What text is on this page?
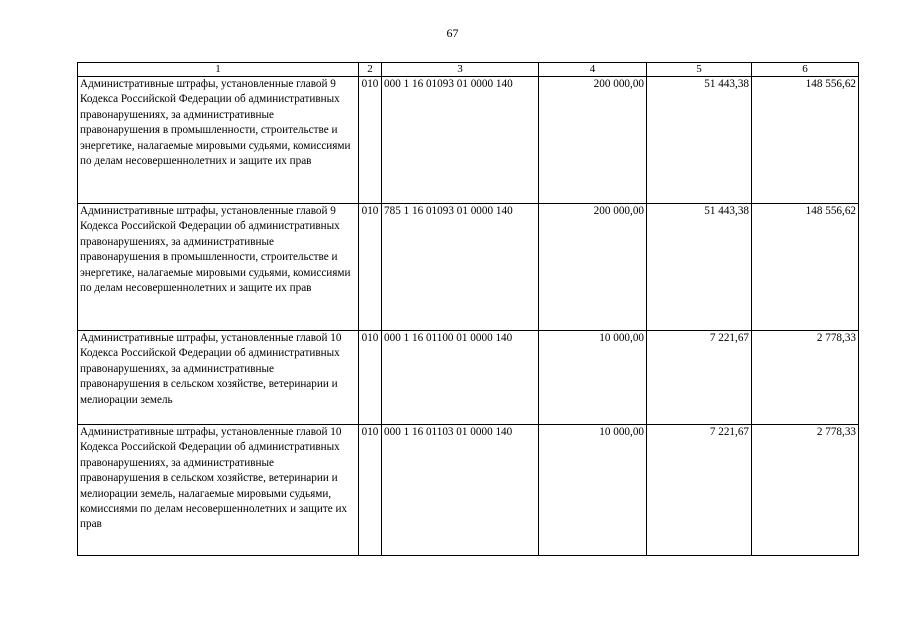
67
1	2	3	4	5	6
Административные штрафы, установленные главой 9 Кодекса Российской Федерации об административных правонарушениях, за административные правонарушения в промышленности, строительстве и энергетике, налагаемые мировыми судьями, комиссиями по делам несовершеннолетних и защите их прав	010	000 1 16 01093 01 0000 140	200 000,00	51 443,38	148 556,62
Административные штрафы, установленные главой 9 Кодекса Российской Федерации об административных правонарушениях, за административные правонарушения в промышленности, строительстве и энергетике, налагаемые мировыми судьями, комиссиями по делам несовершеннолетних и защите их прав	010	785 1 16 01093 01 0000 140	200 000,00	51 443,38	148 556,62
Административные штрафы, установленные главой 10 Кодекса Российской Федерации об административных правонарушениях, за административные правонарушения в сельском хозяйстве, ветеринарии и мелиорации земель	010	000 1 16 01100 01 0000 140	10 000,00	7 221,67	2 778,33
Административные штрафы, установленные главой 10 Кодекса Российской Федерации об административных правонарушениях, за административные правонарушения в сельском хозяйстве, ветеринарии и мелиорации земель, налагаемые мировыми судьями, комиссиями по делам несовершеннолетних и защите их прав	010	000 1 16 01103 01 0000 140	10 000,00	7 221,67	2 778,33
